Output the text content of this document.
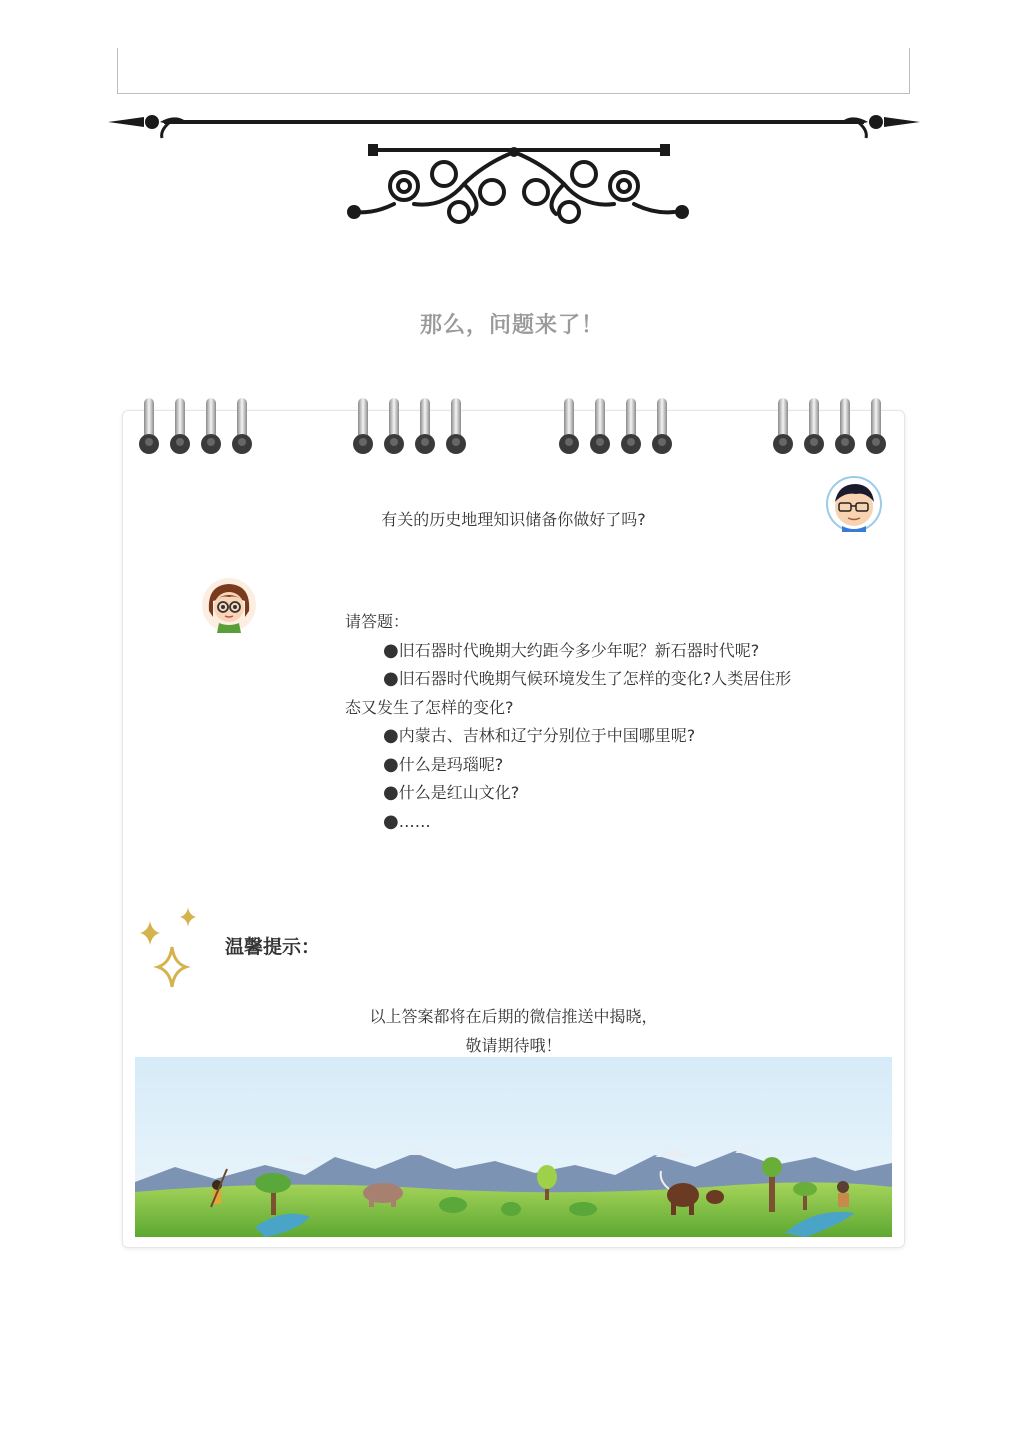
那么，问题来了！
有关的历史地理知识储备你做好了吗?
请答题：
●旧石器时代晚期大约距今多少年呢？新石器时代呢?
●旧石器时代晚期气候环境发生了怎样的变化?人类居住形态又发生了怎样的变化?
●内蒙古、吉林和辽宁分别位于中国哪里呢?
●什么是玛瑙呢?
●什么是红山文化?
●……
温馨提示：
以上答案都将在后期的微信推送中揭晓，
敬请期待哦！
